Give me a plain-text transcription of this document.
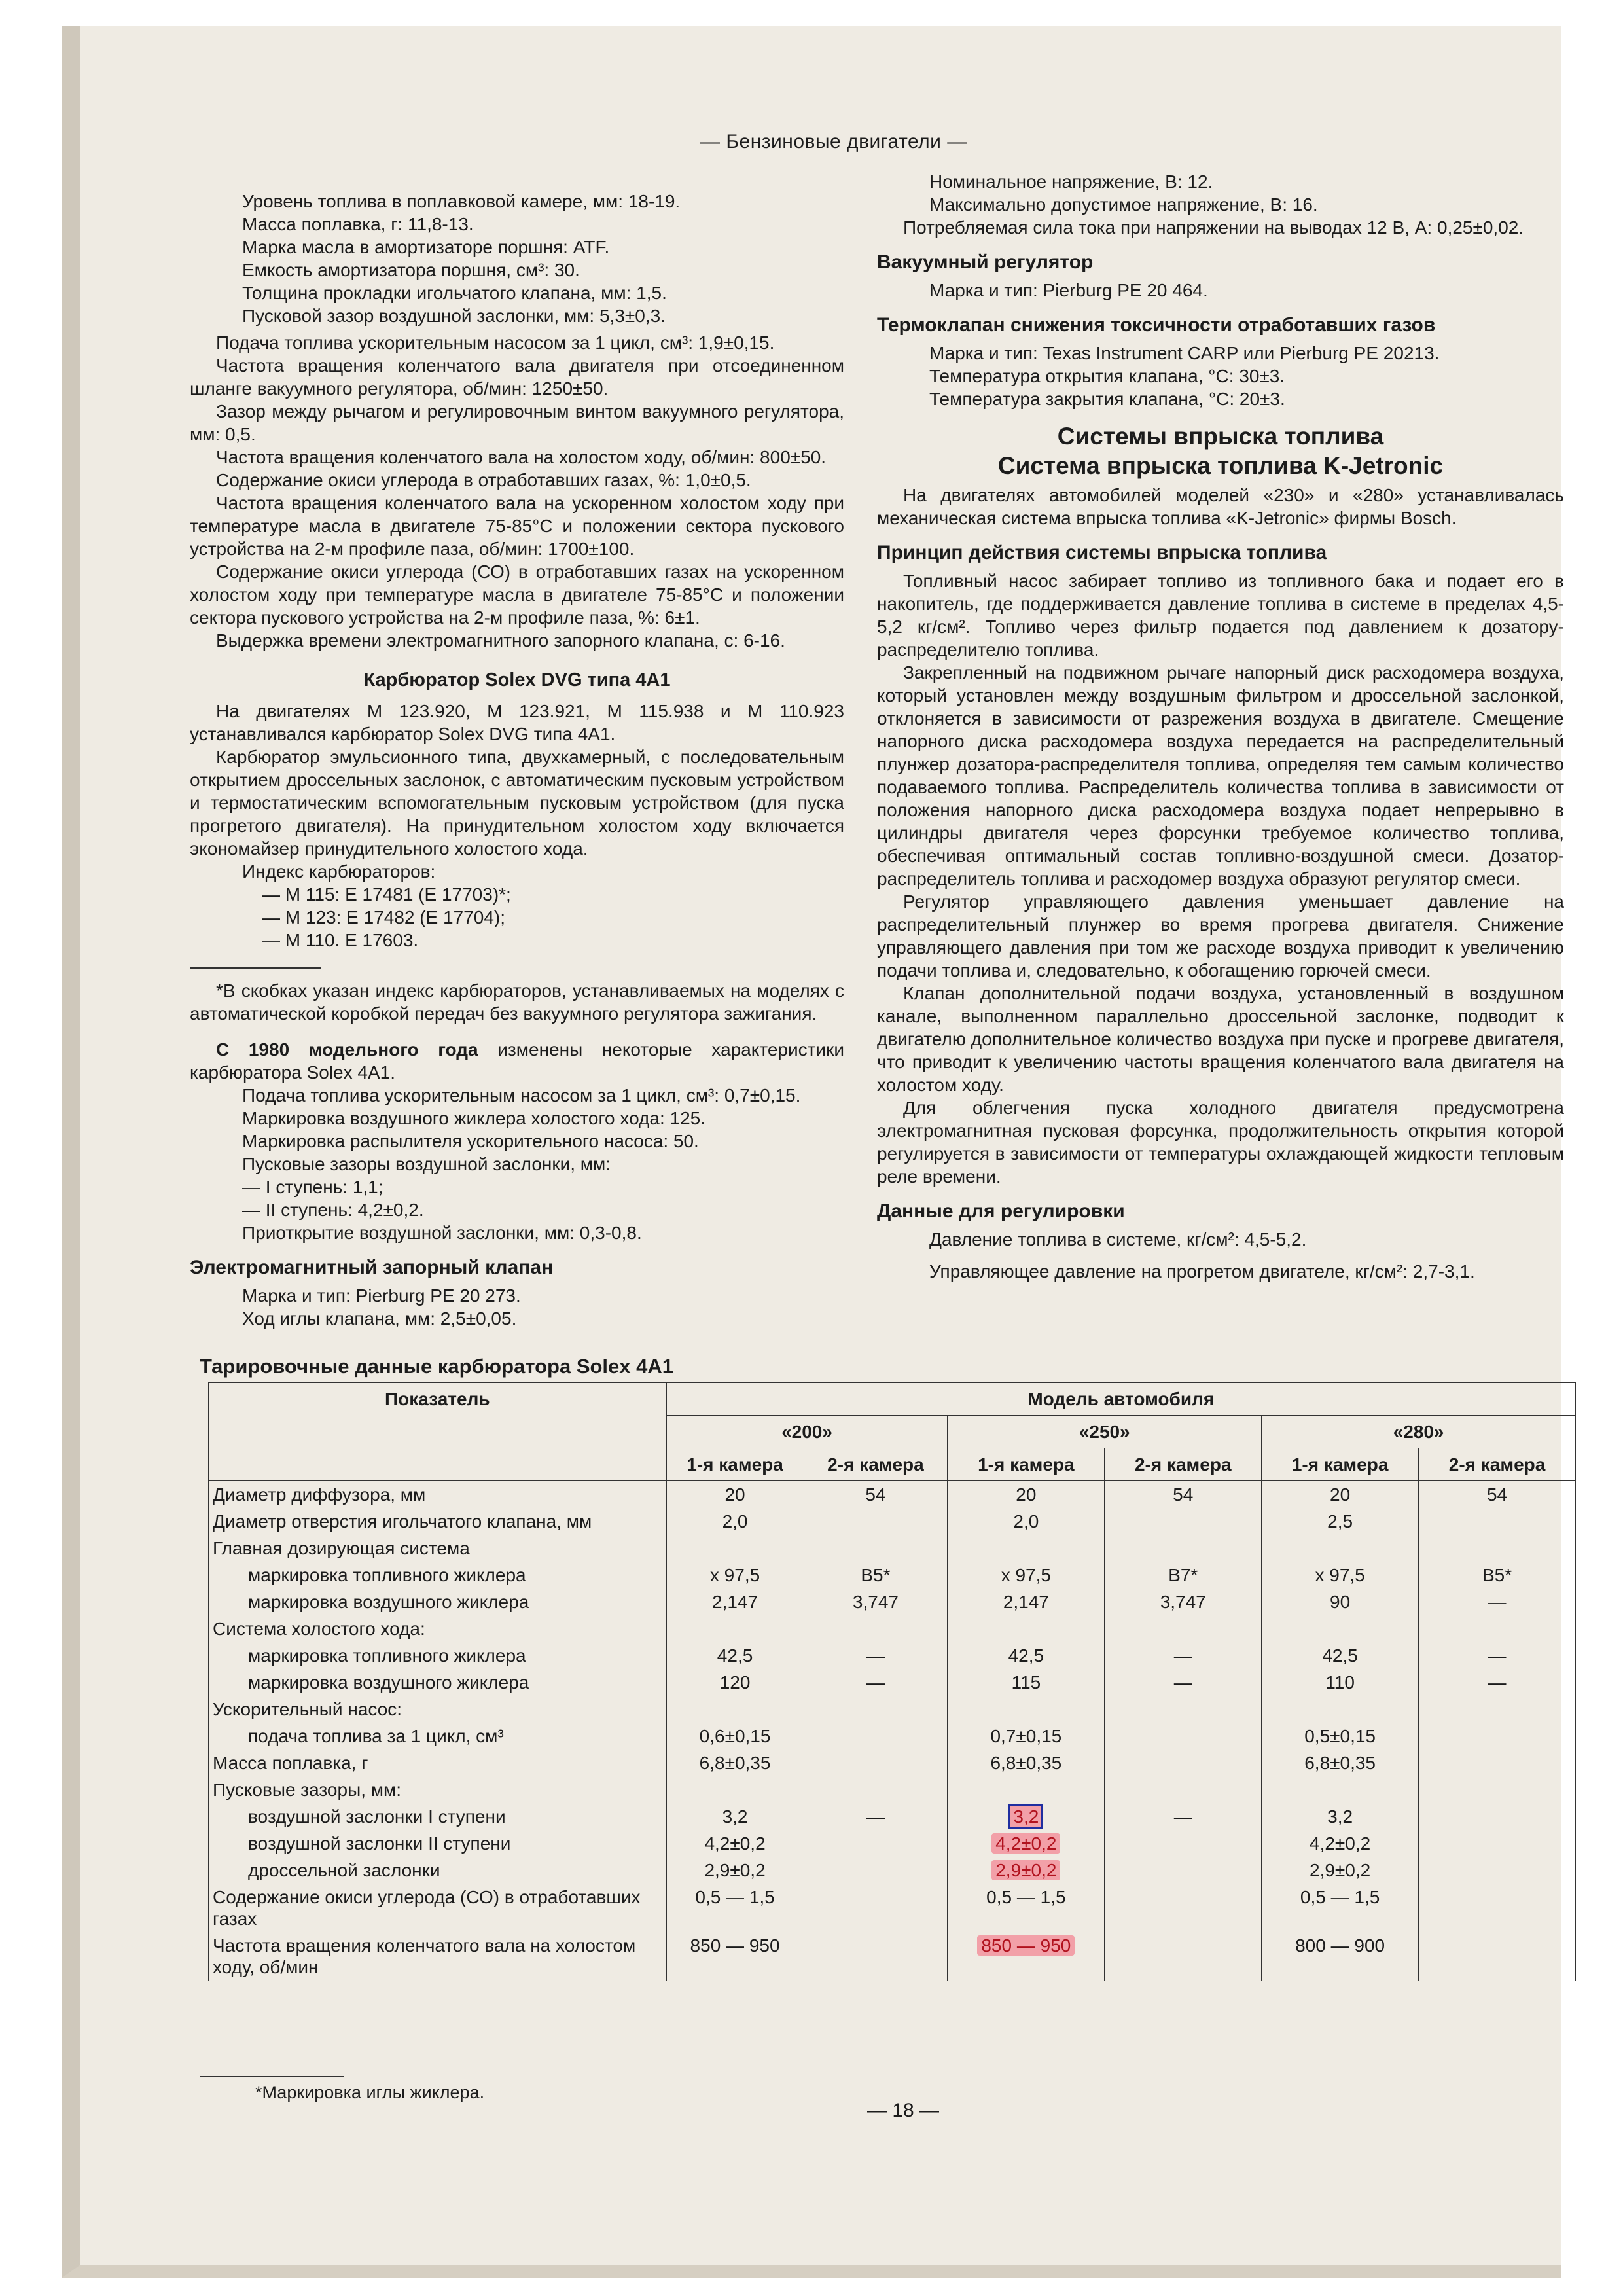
— Бензиновые двигатели —

Уровень топлива в поплавковой камере, мм: 18-19.

Масса поплавка, г: 11,8-13.

Марка масла в амортизаторе поршня: ATF.

Емкость амортизатора поршня, см³: 30.

Толщина прокладки игольчатого клапана, мм: 1,5.

Пусковой зазор воздушной заслонки, мм: 5,3±0,3.

Подача топлива ускорительным насосом за 1 цикл, см³: 1,9±0,15.

Частота вращения коленчатого вала двигателя при отсоединенном шланге вакуумного регулятора, об/мин: 1250±50.

Зазор между рычагом и регулировочным винтом вакуумного регулятора, мм: 0,5.

Частота вращения коленчатого вала на холостом ходу, об/мин: 800±50.

Содержание окиси углерода в отработавших газах, %: 1,0±0,5.

Частота вращения коленчатого вала на ускоренном холостом ходу при температуре масла в двигателе 75-85°С и положении сектора пускового устройства на 2-м профиле паза, об/мин: 1700±100.

Содержание окиси углерода (СО) в отработавших газах на ускоренном холостом ходу при температуре масла в двигателе 75-85°С и положении сектора пускового устройства на 2-м профиле паза, %: 6±1.

Выдержка времени электромагнитного запорного клапана, с: 6-16.

Карбюратор Solex DVG типа 4А1

На двигателях М 123.920, М 123.921, М 115.938 и М 110.923 устанавливался карбюратор Solex DVG типа 4А1.

Карбюратор эмульсионного типа, двухкамерный, с последовательным открытием дроссельных заслонок, с автоматическим пусковым устройством и термостатическим вспомогательным пусковым устройством (для пуска прогретого двигателя). На принудительном холостом ходу включается экономайзер принудительного холостого хода.

Индекс карбюраторов:

— М 115: Е 17481 (Е 17703)*;

— М 123: Е 17482 (Е 17704);

— М 110. Е 17603.

*В скобках указан индекс карбюраторов, устанавливаемых на моделях с автоматической коробкой передач без вакуумного регулятора зажигания.

С 1980 модельного года изменены некоторые характеристики карбюратора Solex 4А1.

Подача топлива ускорительным насосом за 1 цикл, см³: 0,7±0,15.

Маркировка воздушного жиклера холостого хода: 125.

Маркировка распылителя ускорительного насоса: 50.

Пусковые зазоры воздушной заслонки, мм:

— I ступень: 1,1;

— II ступень: 4,2±0,2.

Приоткрытие воздушной заслонки, мм: 0,3-0,8.

Электромагнитный запорный клапан

Марка и тип: Pierburg PE 20 273.

Ход иглы клапана, мм: 2,5±0,05.

Номинальное напряжение, В: 12.

Максимально допустимое напряжение, В: 16.

Потребляемая сила тока при напряжении на выводах 12 В, А: 0,25±0,02.

Вакуумный регулятор

Марка и тип: Pierburg PE 20 464.

Термоклапан снижения токсичности отработавших газов

Марка и тип: Texas Instrument CARP или Pierburg PE 20213.

Температура открытия клапана, °С: 30±3.

Температура закрытия клапана, °С: 20±3.

Системы впрыска топлива
Система впрыска топлива K-Jetronic

На двигателях автомобилей моделей «230» и «280» устанавливалась механическая система впрыска топлива «K-Jetronic» фирмы Bosch.

Принцип действия системы впрыска топлива

Топливный насос забирает топливо из топливного бака и подает его в накопитель, где поддерживается давление топлива в системе в пределах 4,5-5,2 кг/см². Топливо через фильтр подается под давлением к дозатору-распределителю топлива.

Закрепленный на подвижном рычаге напорный диск расходомера воздуха, который установлен между воздушным фильтром и дроссельной заслонкой, отклоняется в зависимости от разрежения воздуха в двигателе. Смещение напорного диска расходомера воздуха передается на распределительный плунжер дозатора-распределителя топлива, определяя тем самым количество подаваемого топлива. Распределитель количества топлива в зависимости от положения напорного диска расходомера воздуха подает непрерывно в цилиндры двигателя через форсунки требуемое количество топлива, обеспечивая оптимальный состав топливно-воздушной смеси. Дозатор-распределитель топлива и расходомер воздуха образуют регулятор смеси.

Регулятор управляющего давления уменьшает давление на распределительный плунжер во время прогрева двигателя. Снижение управляющего давления при том же расходе воздуха приводит к увеличению подачи топлива и, следовательно, к обогащению горючей смеси.

Клапан дополнительной подачи воздуха, установленный в воздушном канале, выполненном параллельно дроссельной заслонке, подводит к двигателю дополнительное количество воздуха при пуске и прогреве двигателя, что приводит к увеличению частоты вращения коленчатого вала двигателя на холостом ходу.

Для облегчения пуска холодного двигателя предусмотрена электромагнитная пусковая форсунка, продолжительность открытия которой регулируется в зависимости от температуры охлаждающей жидкости тепловым реле времени.

Данные для регулировки

Давление топлива в системе, кг/см²: 4,5-5,2.

Управляющее давление на прогретом двигателе, кг/см²: 2,7-3,1.

Тарировочные данные карбюратора Solex 4А1
Показатель	Модель автомобиля					
	«200»		«250»		«280»	
	1-я камера	2-я камера	1-я камера	2-я камера	1-я камера	2-я камера
Диаметр диффузора, мм	20	54	20	54	20	54
Диаметр отверстия игольчатого клапана, мм	2,0		2,0		2,5	
Главная дозирующая система						
маркировка топливного жиклера	x 97,5	B5*	x 97,5	B7*	x 97,5	B5*
маркировка воздушного жиклера	2,147	3,747	2,147	3,747	90	—
Система холостого хода:						
маркировка топливного жиклера	42,5	—	42,5	—	42,5	—
маркировка воздушного жиклера	120	—	115	—	110	—
Ускорительный насос:						
подача топлива за 1 цикл, см³	0,6±0,15		0,7±0,15		0,5±0,15	
Масса поплавка, г	6,8±0,35		6,8±0,35		6,8±0,35	
Пусковые зазоры, мм:						
воздушной заслонки I ступени	3,2	—	3,2	—	3,2	
воздушной заслонки II ступени	4,2±0,2		4,2±0,2		4,2±0,2	
дроссельной заслонки	2,9±0,2		2,9±0,2		2,9±0,2	
Содержание окиси углерода (СО) в отработавших газах	0,5 — 1,5		0,5 — 1,5		0,5 — 1,5	
Частота вращения коленчатого вала на холостом ходу, об/мин	850 — 950		850 — 950		800 — 900	
*Маркировка иглы жиклера.
— 18 —
